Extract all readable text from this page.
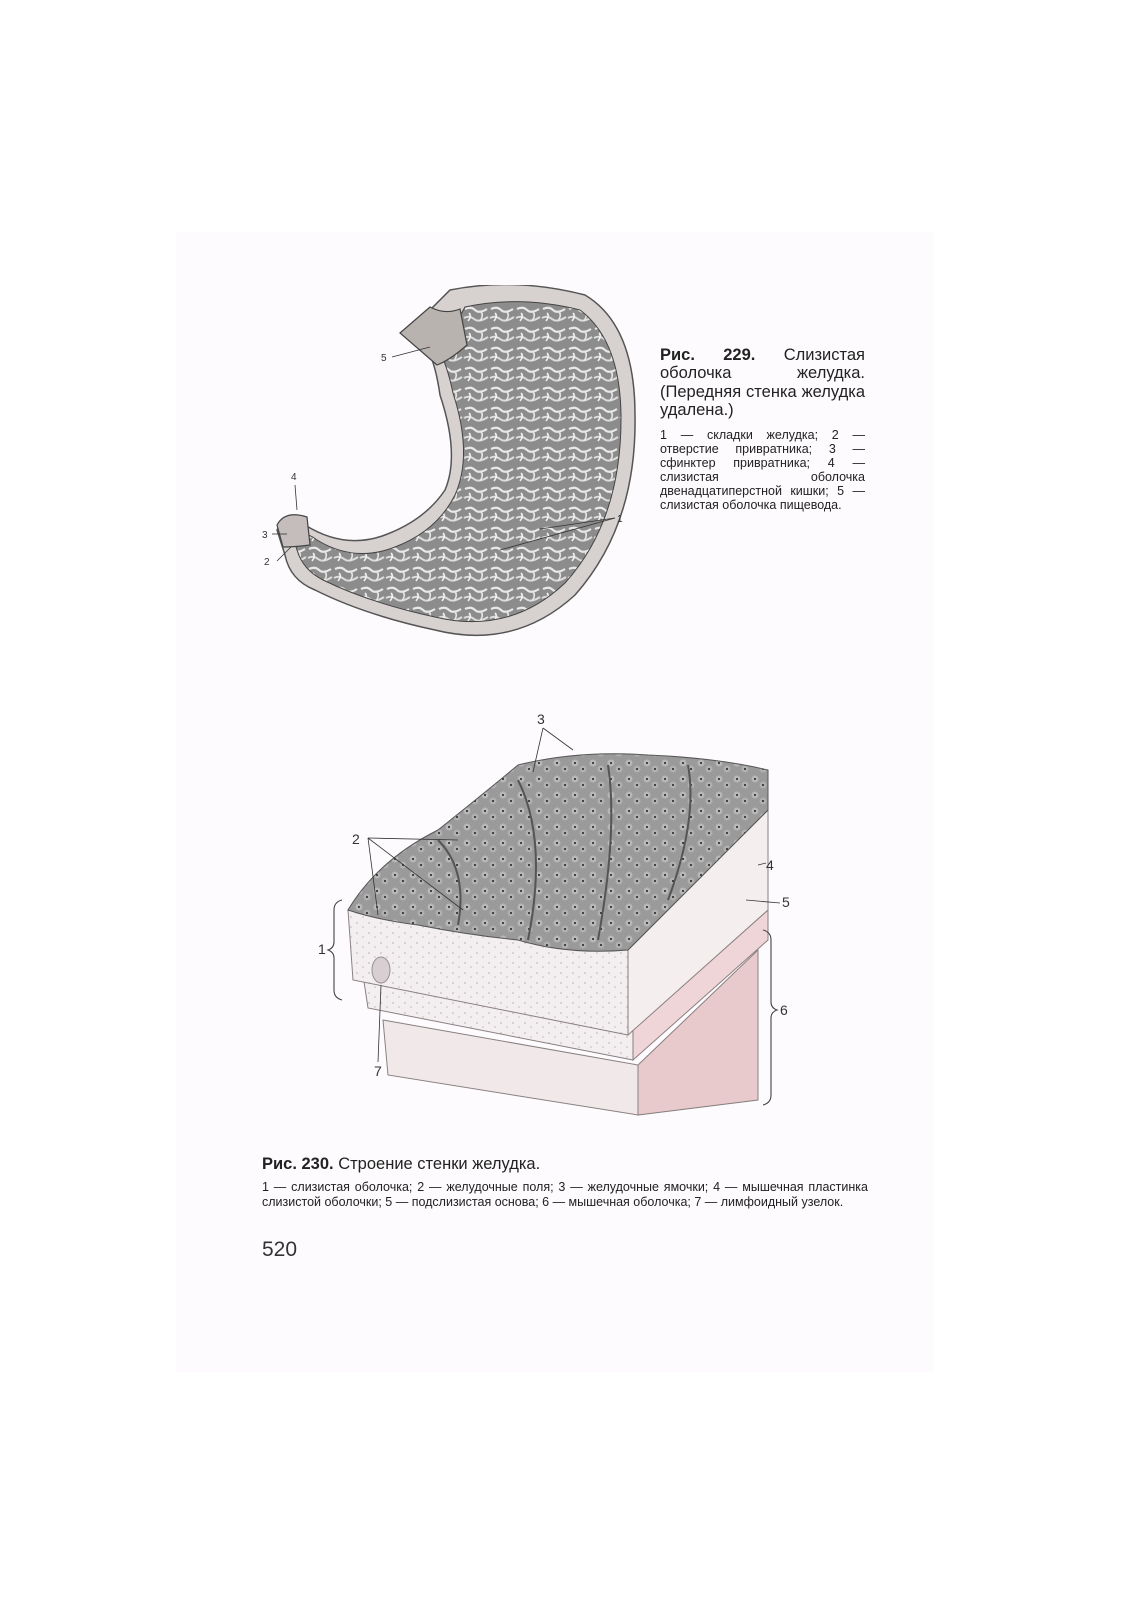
5
4
3
2
1

Рис. 229. Слизистая оболочка желудка. (Передняя стенка желудка удалена.)

1 — складки желудка; 2 — отверстие привратника; 3 — сфинктер привратника; 4 — слизистая оболочка двенадцатиперстной кишки; 5 — слизистая оболочка пищевода.

3
2
4
5
1
6
7

Рис. 230. Строение стенки желудка.

1 — слизистая оболочка; 2 — желудочные поля; 3 — желудочные ямочки; 4 — мышечная пластинка слизистой оболочки; 5 — подслизистая основа; 6 — мышечная оболочка; 7 — лимфоидный узелок.

520
